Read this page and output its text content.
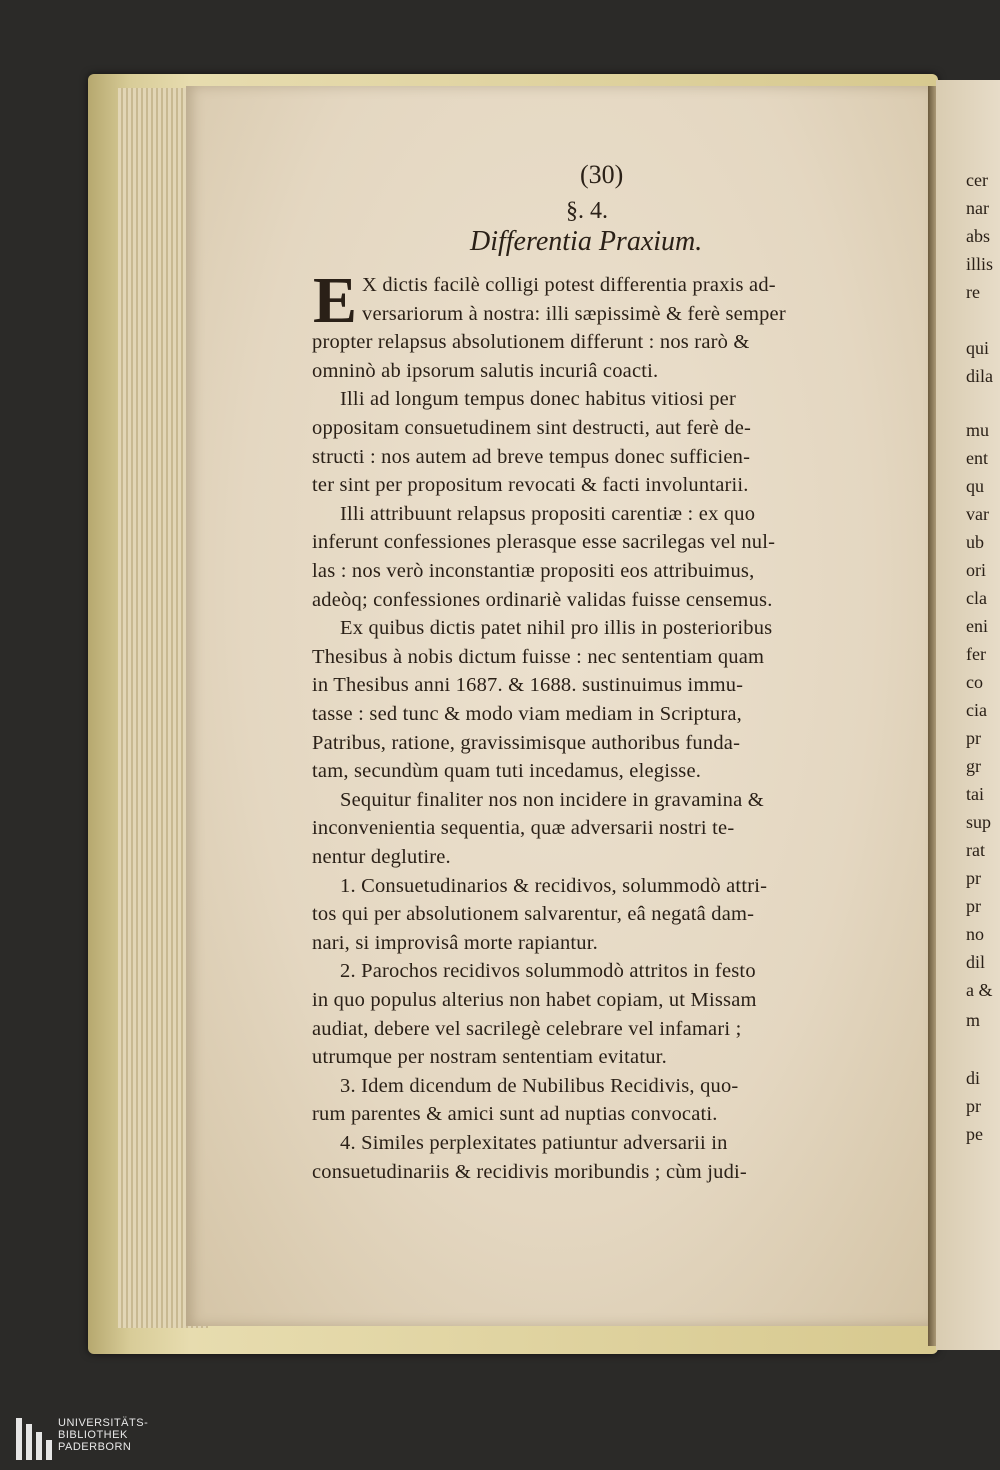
cer
nar
abs
illis
re
qui
dila
mu
ent
qu
var
ub
ori
cla
eni
fer
co
cia
pr
gr
tai
sup
rat
pr
pr
no
dil
a &
m
di
pr
pe
(30)
§. 4.
Differentia Praxium.
E X dictis facilè colligi potest differentia praxis ad-
versariorum à nostra: illi sæpissimè & ferè semper
propter relapsus absolutionem differunt : nos rarò &
omninò ab ipsorum salutis incuriâ coacti.
Illi ad longum tempus donec habitus vitiosi per
oppositam consuetudinem sint destructi, aut ferè de-
structi : nos autem ad breve tempus donec sufficien-
ter sint per propositum revocati & facti involuntarii.
Illi attribuunt relapsus propositi carentiæ : ex quo
inferunt confessiones plerasque esse sacrilegas vel nul-
las : nos verò inconstantiæ propositi eos attribuimus,
adeòq; confessiones ordinariè validas fuisse censemus.
Ex quibus dictis patet nihil pro illis in posterioribus
Thesibus à nobis dictum fuisse : nec sententiam quam
in Thesibus anni 1687. & 1688. sustinuimus immu-
tasse : sed tunc & modo viam mediam in Scriptura,
Patribus, ratione, gravissimisque authoribus funda-
tam, secundùm quam tuti incedamus, elegisse.
Sequitur finaliter nos non incidere in gravamina &
inconvenientia sequentia, quæ adversarii nostri te-
nentur deglutire.
1. Consuetudinarios & recidivos, solummodò attri-
tos qui per absolutionem salvarentur, eâ negatâ dam-
nari, si improvisâ morte rapiantur.
2. Parochos recidivos solummodò attritos in festo
in quo populus alterius non habet copiam, ut Missam
audiat, debere vel sacrilegè celebrare vel infamari ;
utrumque per nostram sententiam evitatur.
3. Idem dicendum de Nubilibus Recidivis, quo-
rum parentes & amici sunt ad nuptias convocati.
4. Similes perplexitates patiuntur adversarii in
consuetudinariis & recidivis moribundis ; cùm judi-
UNIVERSITÄTS-
BIBLIOTHEK
PADERBORN
